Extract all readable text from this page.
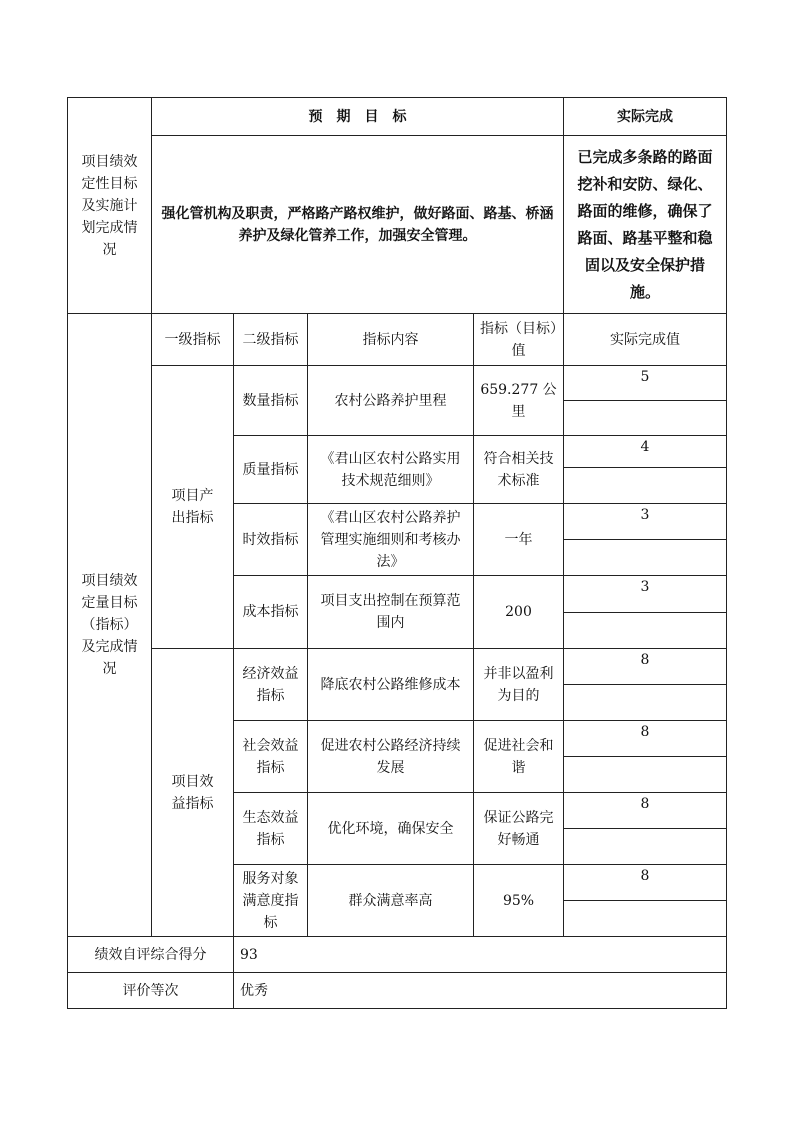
项目绩效定性目标及实施计划完成情况	预　期　目　标				实际完成
	强化管机构及职责，严格路产路权维护，做好路面、路基、桥涵养护及绿化管养工作，加强安全管理。				已完成多条路的路面挖补和安防、绿化、路面的维修，确保了路面、路基平整和稳固以及安全保护措施。
项目绩效定量目标（指标）及完成情况	一级指标	二级指标	指标内容	指标（目标）值	实际完成值
	项目产出指标	数量指标	农村公路养护里程	659.277 公里	5

		质量指标	《君山区农村公路实用技术规范细则》	符合相关技术标准	4

		时效指标	《君山区农村公路养护管理实施细则和考核办法》	一年	3

		成本指标	项目支出控制在预算范围内	200	3

	项目效益指标	经济效益指标	降底农村公路维修成本	并非以盈利为目的	8

		社会效益指标	促进农村公路经济持续发展	促进社会和谐	8

		生态效益指标	优化环境，确保安全	保证公路完好畅通	8

		服务对象满意度指标	群众满意率高	95%	8

绩效自评综合得分		93			
评价等次		优秀			
